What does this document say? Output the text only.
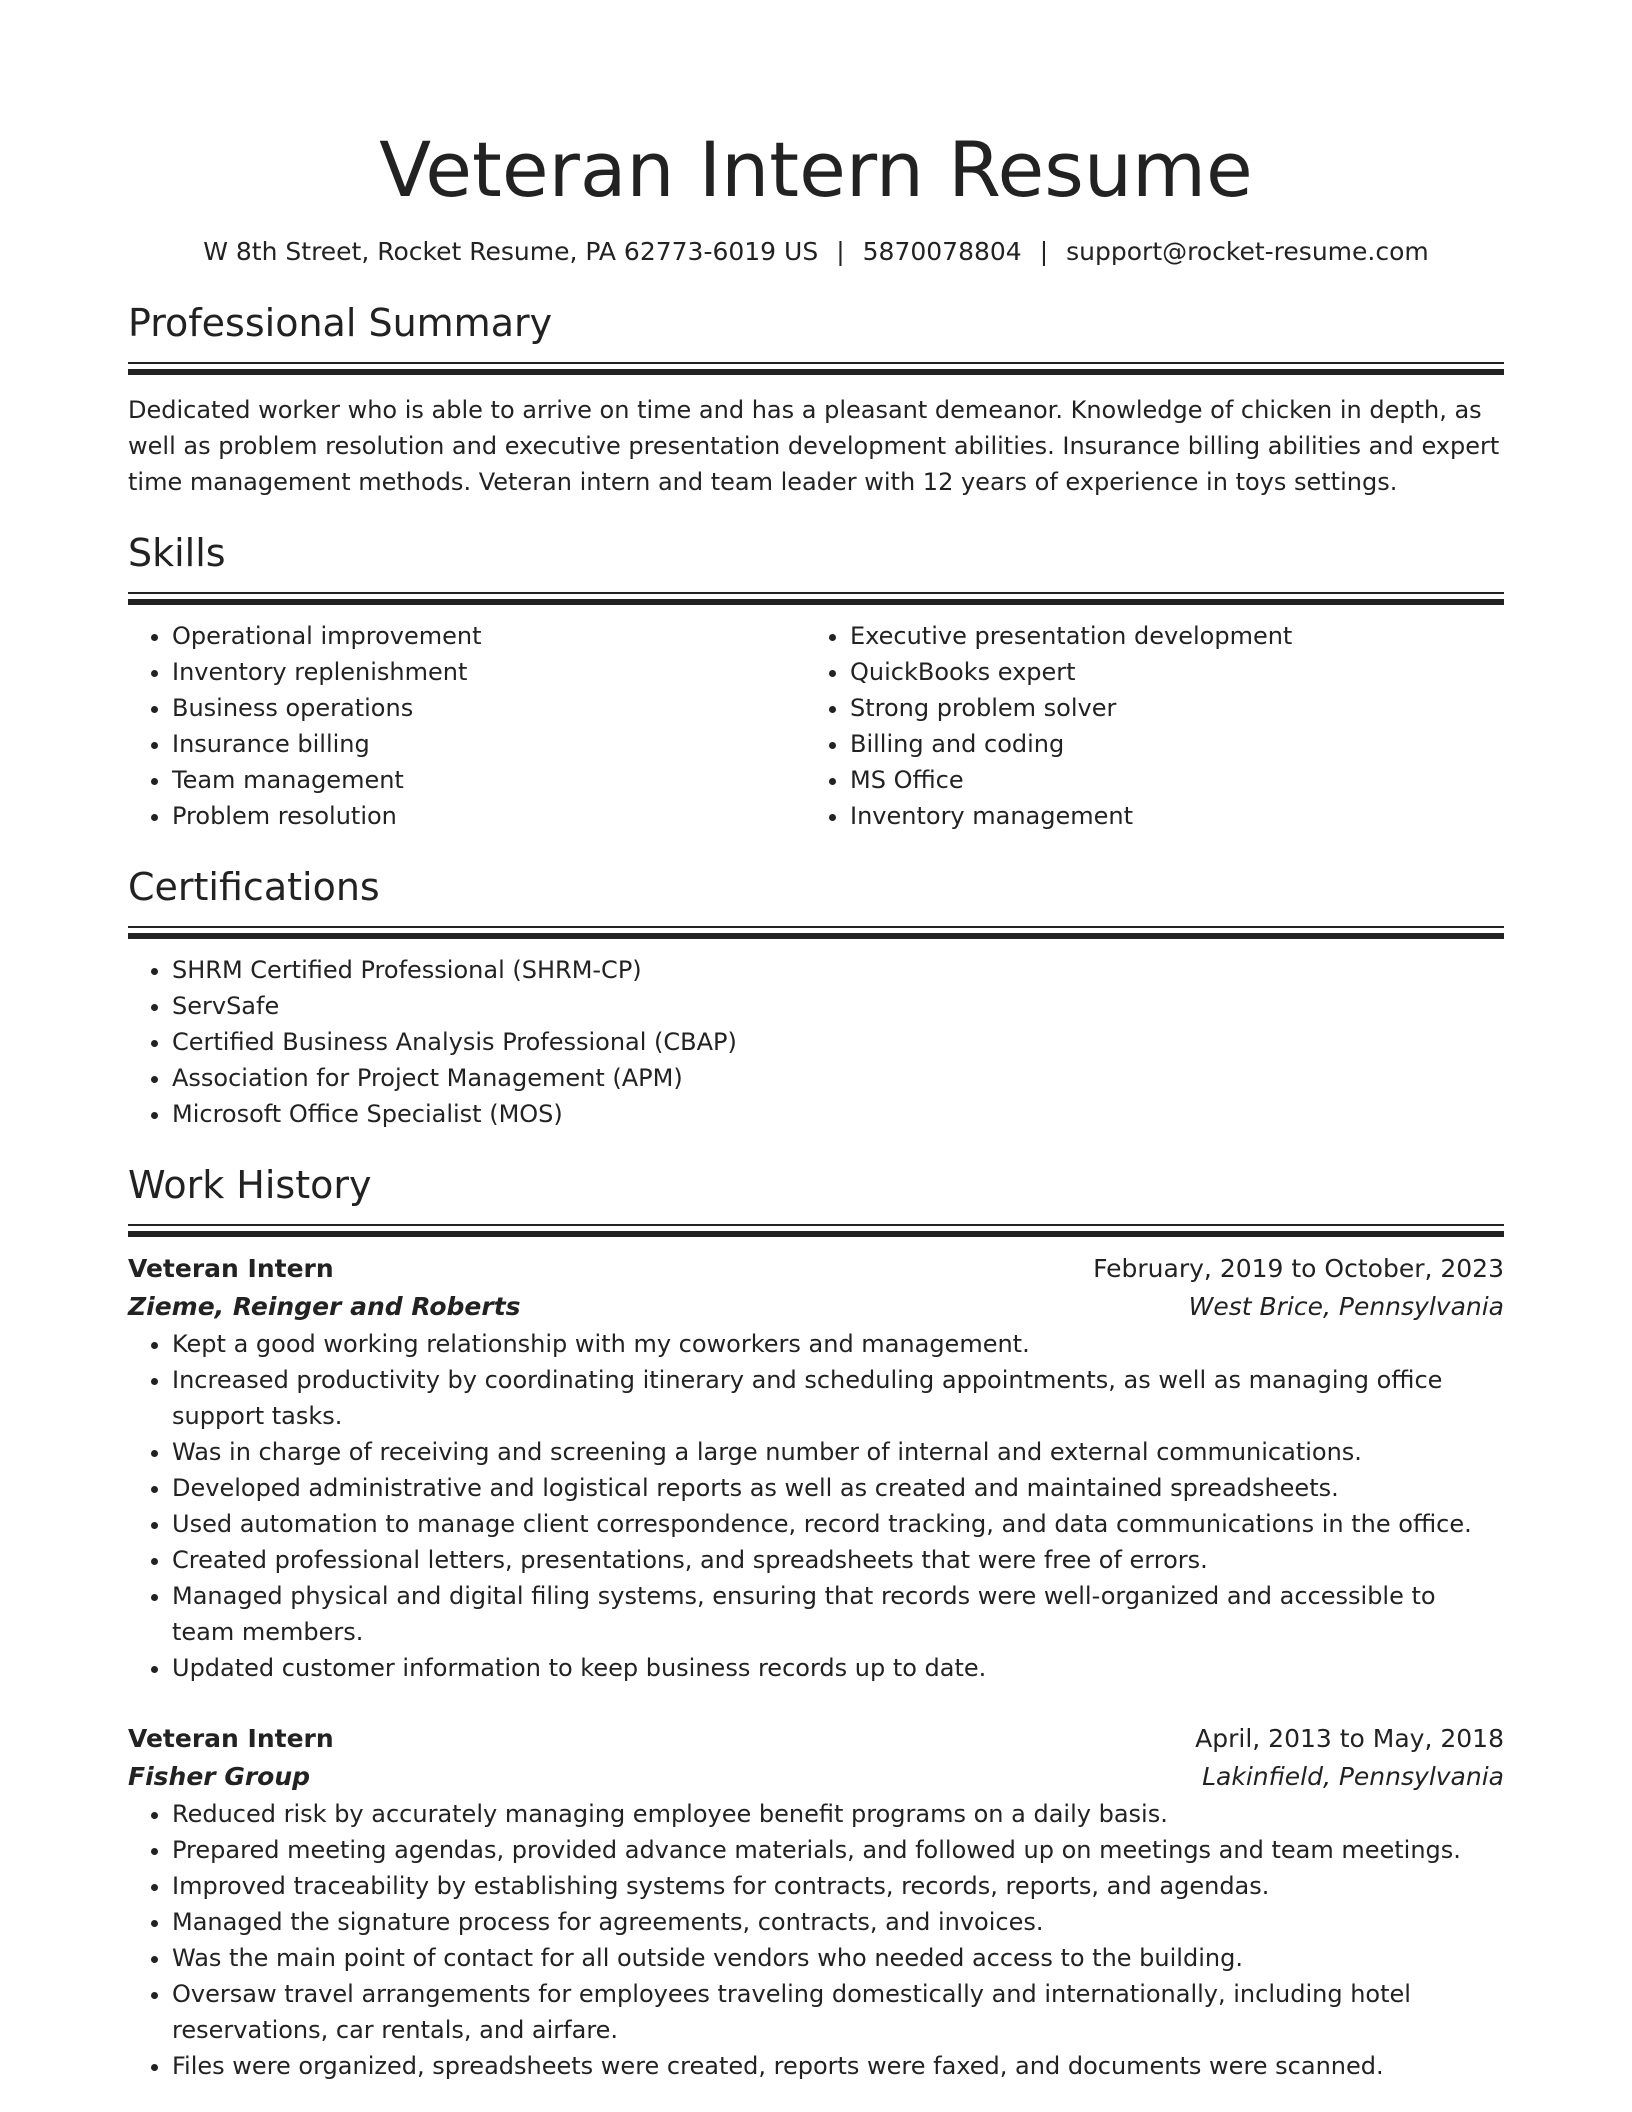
Veteran Intern Resume
W 8th Street, Rocket Resume, PA 62773-6019 US | 5870078804 | support@rocket-resume.com
Professional Summary
Dedicated worker who is able to arrive on time and has a pleasant demeanor. Knowledge of chicken in depth, as well as problem resolution and executive presentation development abilities. Insurance billing abilities and expert time management methods. Veteran intern and team leader with 12 years of experience in toys settings.
Skills
• Operational improvement
• Inventory replenishment
• Business operations
• Insurance billing
• Team management
• Problem resolution
• Executive presentation development
• QuickBooks expert
• Strong problem solver
• Billing and coding
• MS Office
• Inventory management
Certifications
• SHRM Certified Professional (SHRM-CP)
• ServSafe
• Certified Business Analysis Professional (CBAP)
• Association for Project Management (APM)
• Microsoft Office Specialist (MOS)
Work History
Veteran Intern	February, 2019 to October, 2023
Zieme, Reinger and Roberts	West Brice, Pennsylvania
• Kept a good working relationship with my coworkers and management.
• Increased productivity by coordinating itinerary and scheduling appointments, as well as managing office support tasks.
• Was in charge of receiving and screening a large number of internal and external communications.
• Developed administrative and logistical reports as well as created and maintained spreadsheets.
• Used automation to manage client correspondence, record tracking, and data communications in the office.
• Created professional letters, presentations, and spreadsheets that were free of errors.
• Managed physical and digital filing systems, ensuring that records were well-organized and accessible to team members.
• Updated customer information to keep business records up to date.
Veteran Intern	April, 2013 to May, 2018
Fisher Group	Lakinfield, Pennsylvania
• Reduced risk by accurately managing employee benefit programs on a daily basis.
• Prepared meeting agendas, provided advance materials, and followed up on meetings and team meetings.
• Improved traceability by establishing systems for contracts, records, reports, and agendas.
• Managed the signature process for agreements, contracts, and invoices.
• Was the main point of contact for all outside vendors who needed access to the building.
• Oversaw travel arrangements for employees traveling domestically and internationally, including hotel reservations, car rentals, and airfare.
• Files were organized, spreadsheets were created, reports were faxed, and documents were scanned.
